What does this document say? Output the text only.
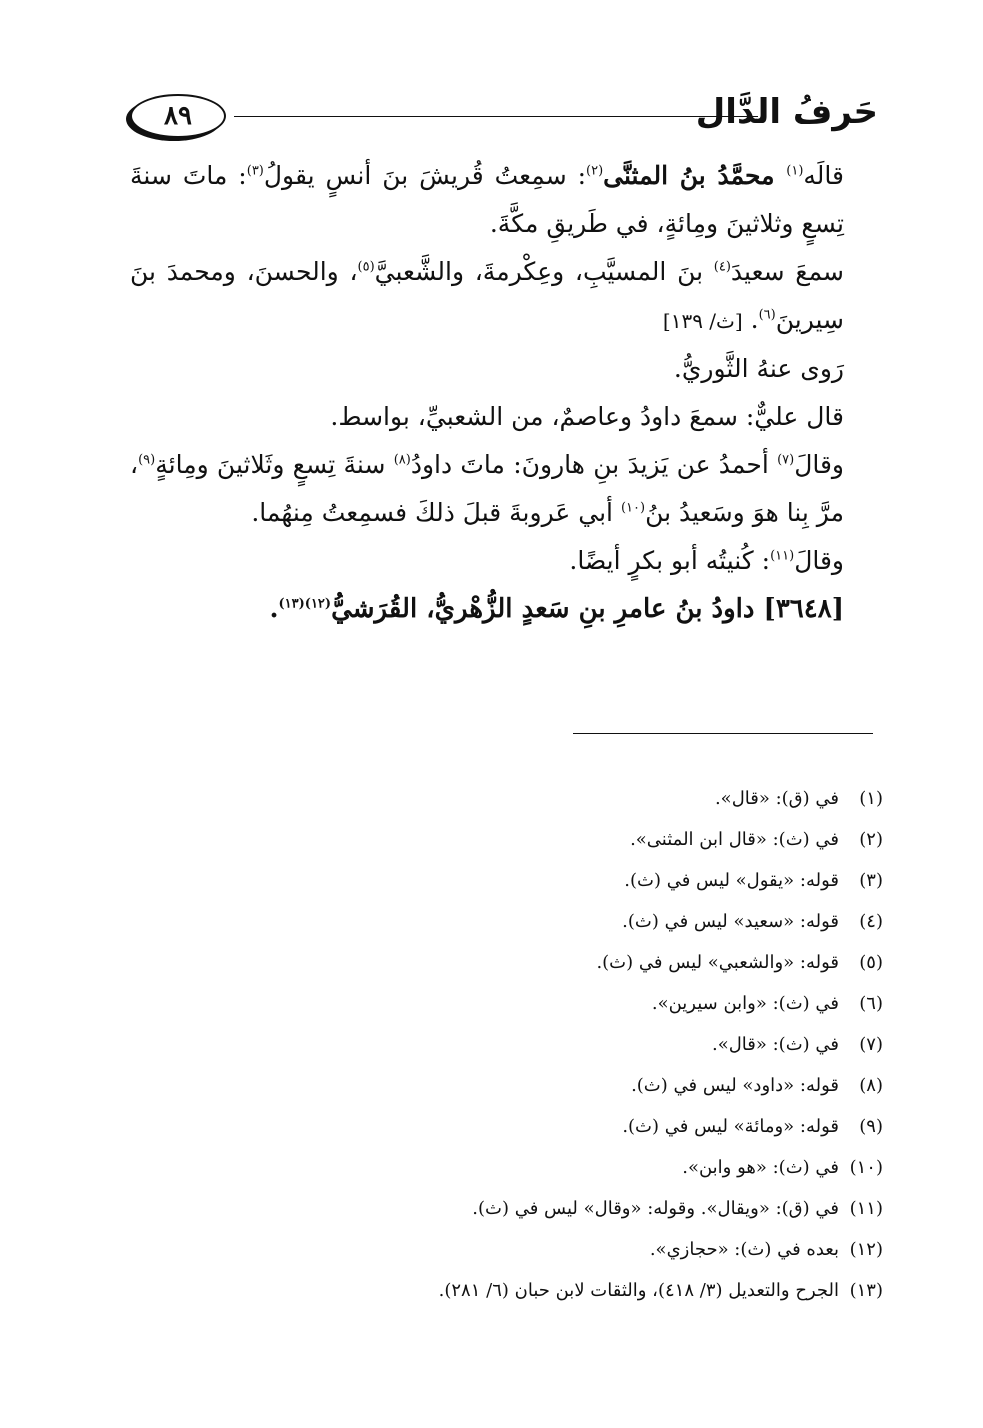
٨٩	حَرفُ الدَّال

قالَه$^{(١)}$ محمَّدُ بنُ المثنَّى$^{(٢)}$: سمِعتُ قُريشَ بنَ أنسٍ يقولُ$^{(٣)}$: ماتَ سنةَ تِسعٍ وثلاثينَ ومِائةٍ، في طَريقِ مكَّةَ.

سمعَ سعيدَ$^{(٤)}$ بنَ المسيَّبِ، وعِكْرمةَ، والشَّعبيَّ$^{(٥)}$، والحسنَ، ومحمدَ بنَ سِيرينَ$^{(٦)}$. [ث/ ١٣٩]

رَوى عنهُ الثَّوريُّ.

قال عليٌّ: سمعَ داودُ وعاصمٌ، من الشعبيِّ، بواسط.

وقالَ$^{(٧)}$ أحمدُ عن يَزيدَ بنِ هارونَ: ماتَ داودُ$^{(٨)}$ سنةَ تِسعٍ وثَلاثينَ ومِائةٍ$^{(٩)}$، مرَّ بِنا هوَ وسَعيدُ بنُ$^{(١٠)}$ أبي عَروبةَ قبلَ ذلكَ فسمِعتُ مِنهُما.

وقالَ$^{(١١)}$: كُنيتُه أبو بكرٍ أيضًا.

[٣٦٤٨] داودُ بنُ عامرِ بنِ سَعدٍ الزُّهْريُّ، القُرَشيُّ$^{(١٢)(١٣)}$.

(١)في (ق): «قال».
(٢)في (ث): «قال ابن المثنى».
(٣)قوله: «يقول» ليس في (ث).
(٤)قوله: «سعيد» ليس في (ث).
(٥)قوله: «والشعبي» ليس في (ث).
(٦)في (ث): «وابن سيرين».
(٧)في (ث): «قال».
(٨)قوله: «داود» ليس في (ث).
(٩)قوله: «ومائة» ليس في (ث).
(١٠)في (ث): «هو وابن».
(١١)في (ق): «ويقال». وقوله: «وقال» ليس في (ث).
(١٢)بعده في (ث): «حجازي».
(١٣)الجرح والتعديل (٣/ ٤١٨)، والثقات لابن حبان (٦/ ٢٨١).
